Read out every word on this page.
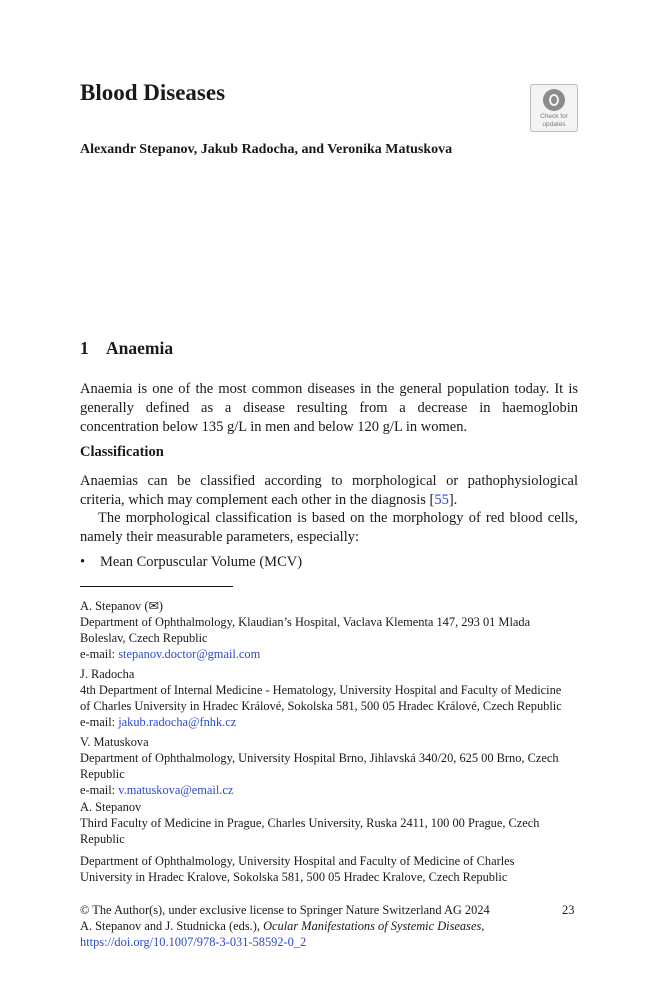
Blood Diseases
Check for
updates
Alexandr Stepanov, Jakub Radocha, and Veronika Matuskova
1 Anaemia
Anaemia is one of the most common diseases in the general population today. It is generally defined as a disease resulting from a decrease in haemoglobin concentration below 135 g/L in men and below 120 g/L in women.
Classification
Anaemias can be classified according to morphological or pathophysiological criteria, which may complement each other in the diagnosis [55].
The morphological classification is based on the morphology of red blood cells, namely their measurable parameters, especially:
• Mean Corpuscular Volume (MCV)
A. Stepanov (✉)
Department of Ophthalmology, Klaudian’s Hospital, Vaclava Klementa 147, 293 01 Mlada
Boleslav, Czech Republic
e-mail: stepanov.doctor@gmail.com
J. Radocha
4th Department of Internal Medicine - Hematology, University Hospital and Faculty of Medicine
of Charles University in Hradec Králové, Sokolska 581, 500 05 Hradec Králové, Czech Republic
e-mail: jakub.radocha@fnhk.cz
V. Matuskova
Department of Ophthalmology, University Hospital Brno, Jihlavská 340/20, 625 00 Brno, Czech
Republic
e-mail: v.matuskova@email.cz
A. Stepanov
Third Faculty of Medicine in Prague, Charles University, Ruska 2411, 100 00 Prague, Czech
Republic
Department of Ophthalmology, University Hospital and Faculty of Medicine of Charles
University in Hradec Kralove, Sokolska 581, 500 05 Hradec Kralove, Czech Republic
© The Author(s), under exclusive license to Springer Nature Switzerland AG 2024
A. Stepanov and J. Studnicka (eds.), Ocular Manifestations of Systemic Diseases,
https://doi.org/10.1007/978-3-031-58592-0_2
23
